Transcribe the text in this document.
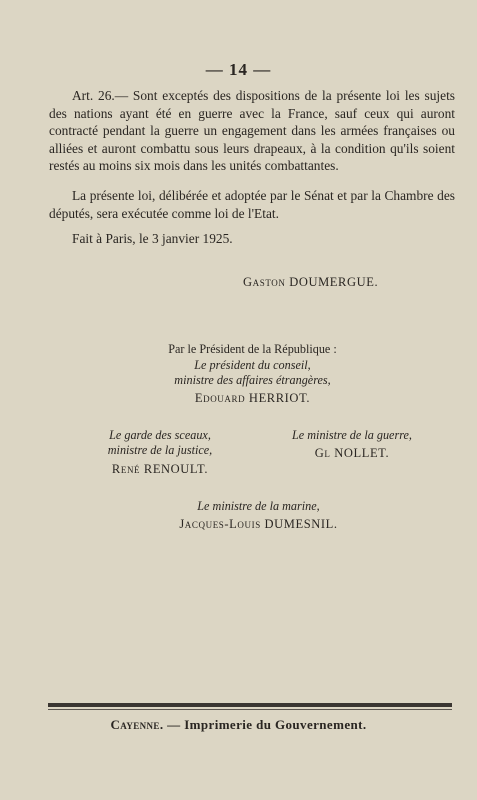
— 14 —

Art. 26.— Sont exceptés des dispositions de la présente loi les sujets des nations ayant été en guerre avec la France, sauf ceux qui auront contracté pendant la guerre un engagement dans les armées françaises ou alliées et auront combattu sous leurs drapeaux, à la condition qu'ils soient restés au moins six mois dans les unités combattantes.

La présente loi, délibérée et adoptée par le Sénat et par la Chambre des députés, sera exécutée comme loi de l'Etat.

Fait à Paris, le 3 janvier 1925.

Gaston DOUMERGUE.
Par le Président de la République :
Le président du conseil,
ministre des affaires étrangères,
Edouard HERRIOT.
Le garde des sceaux,
ministre de la justice,
René RENOULT.
Le ministre de la guerre,
Gl NOLLET.
Le ministre de la marine,
Jacques-Louis DUMESNIL.
Cayenne. — Imprimerie du Gouvernement.
